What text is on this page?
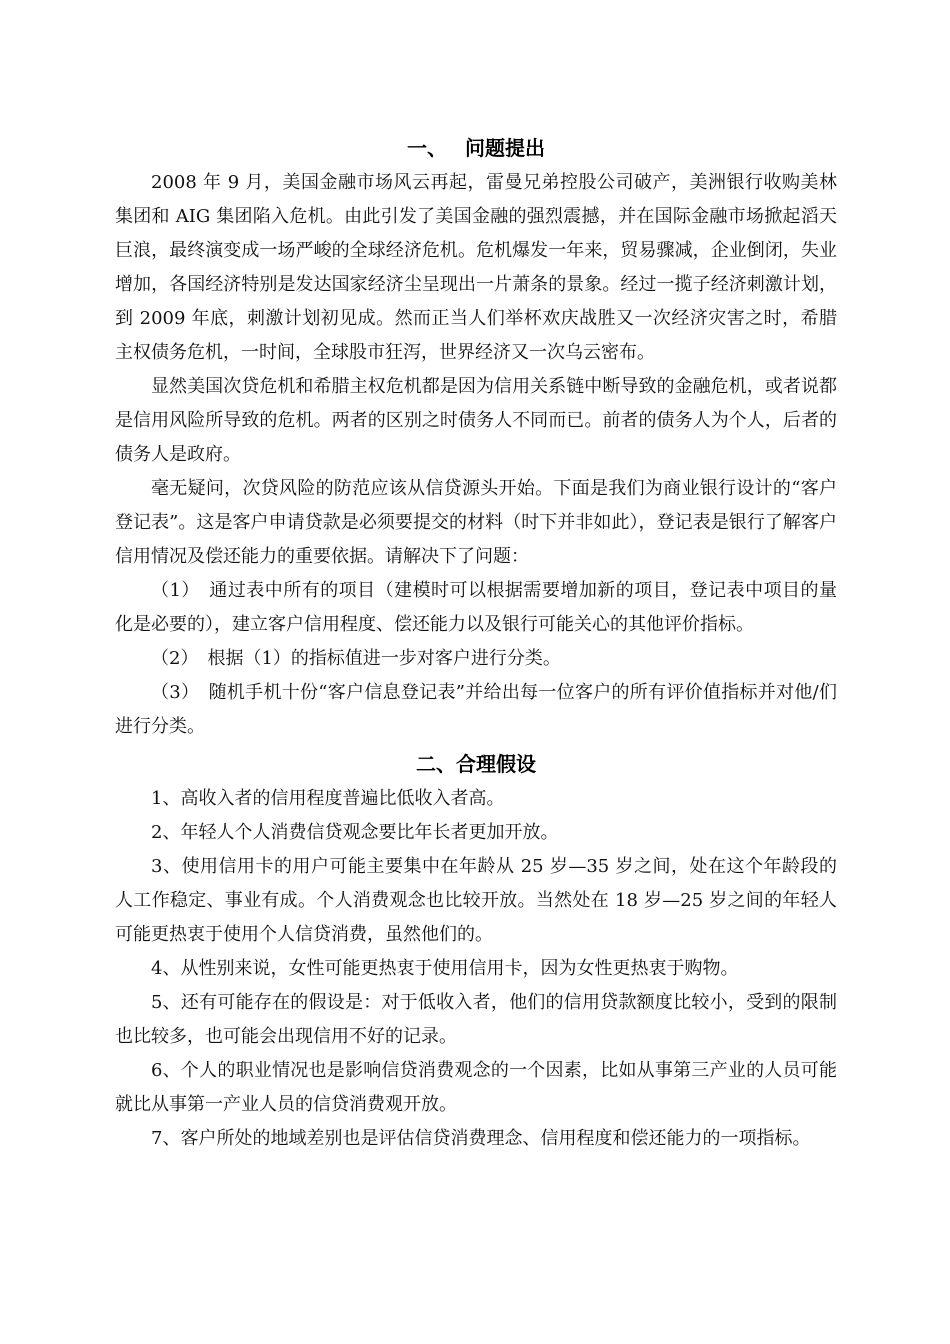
一、 问题提出

2008 年 9 月，美国金融市场风云再起，雷曼兄弟控股公司破产，美洲银行收购美林集团和 AIG 集团陷入危机。由此引发了美国金融的强烈震撼，并在国际金融市场掀起滔天巨浪，最终演变成一场严峻的全球经济危机。危机爆发一年来，贸易骤减，企业倒闭，失业增加，各国经济特别是发达国家经济尘呈现出一片萧条的景象。经过一揽子经济刺激计划，到 2009 年底，刺激计划初见成。然而正当人们举杯欢庆战胜又一次经济灾害之时，希腊主权债务危机，一时间，全球股市狂泻，世界经济又一次乌云密布。

显然美国次贷危机和希腊主权危机都是因为信用关系链中断导致的金融危机，或者说都是信用风险所导致的危机。两者的区别之时债务人不同而已。前者的债务人为个人，后者的债务人是政府。

毫无疑问，次贷风险的防范应该从信贷源头开始。下面是我们为商业银行设计的“客户登记表”。这是客户申请贷款是必须要提交的材料（时下并非如此），登记表是银行了解客户信用情况及偿还能力的重要依据。请解决下了问题：

（1）　通过表中所有的项目（建模时可以根据需要增加新的项目，登记表中项目的量化是必要的），建立客户信用程度、偿还能力以及银行可能关心的其他评价指标。

（2）　根据（1）的指标值进一步对客户进行分类。

（3）　随机手机十份“客户信息登记表”并给出每一位客户的所有评价值指标并对他/们进行分类。

二、合理假设

1、高收入者的信用程度普遍比低收入者高。

2、年轻人个人消费信贷观念要比年长者更加开放。

3、使用信用卡的用户可能主要集中在年龄从 25 岁—35 岁之间，处在这个年龄段的人工作稳定、事业有成。个人消费观念也比较开放。当然处在 18 岁—25 岁之间的年轻人可能更热衷于使用个人信贷消费，虽然他们的。

4、从性别来说，女性可能更热衷于使用信用卡，因为女性更热衷于购物。

5、还有可能存在的假设是：对于低收入者，他们的信用贷款额度比较小，受到的限制也比较多，也可能会出现信用不好的记录。

6、个人的职业情况也是影响信贷消费观念的一个因素，比如从事第三产业的人员可能就比从事第一产业人员的信贷消费观开放。

7、客户所处的地域差别也是评估信贷消费理念、信用程度和偿还能力的一项指标。
